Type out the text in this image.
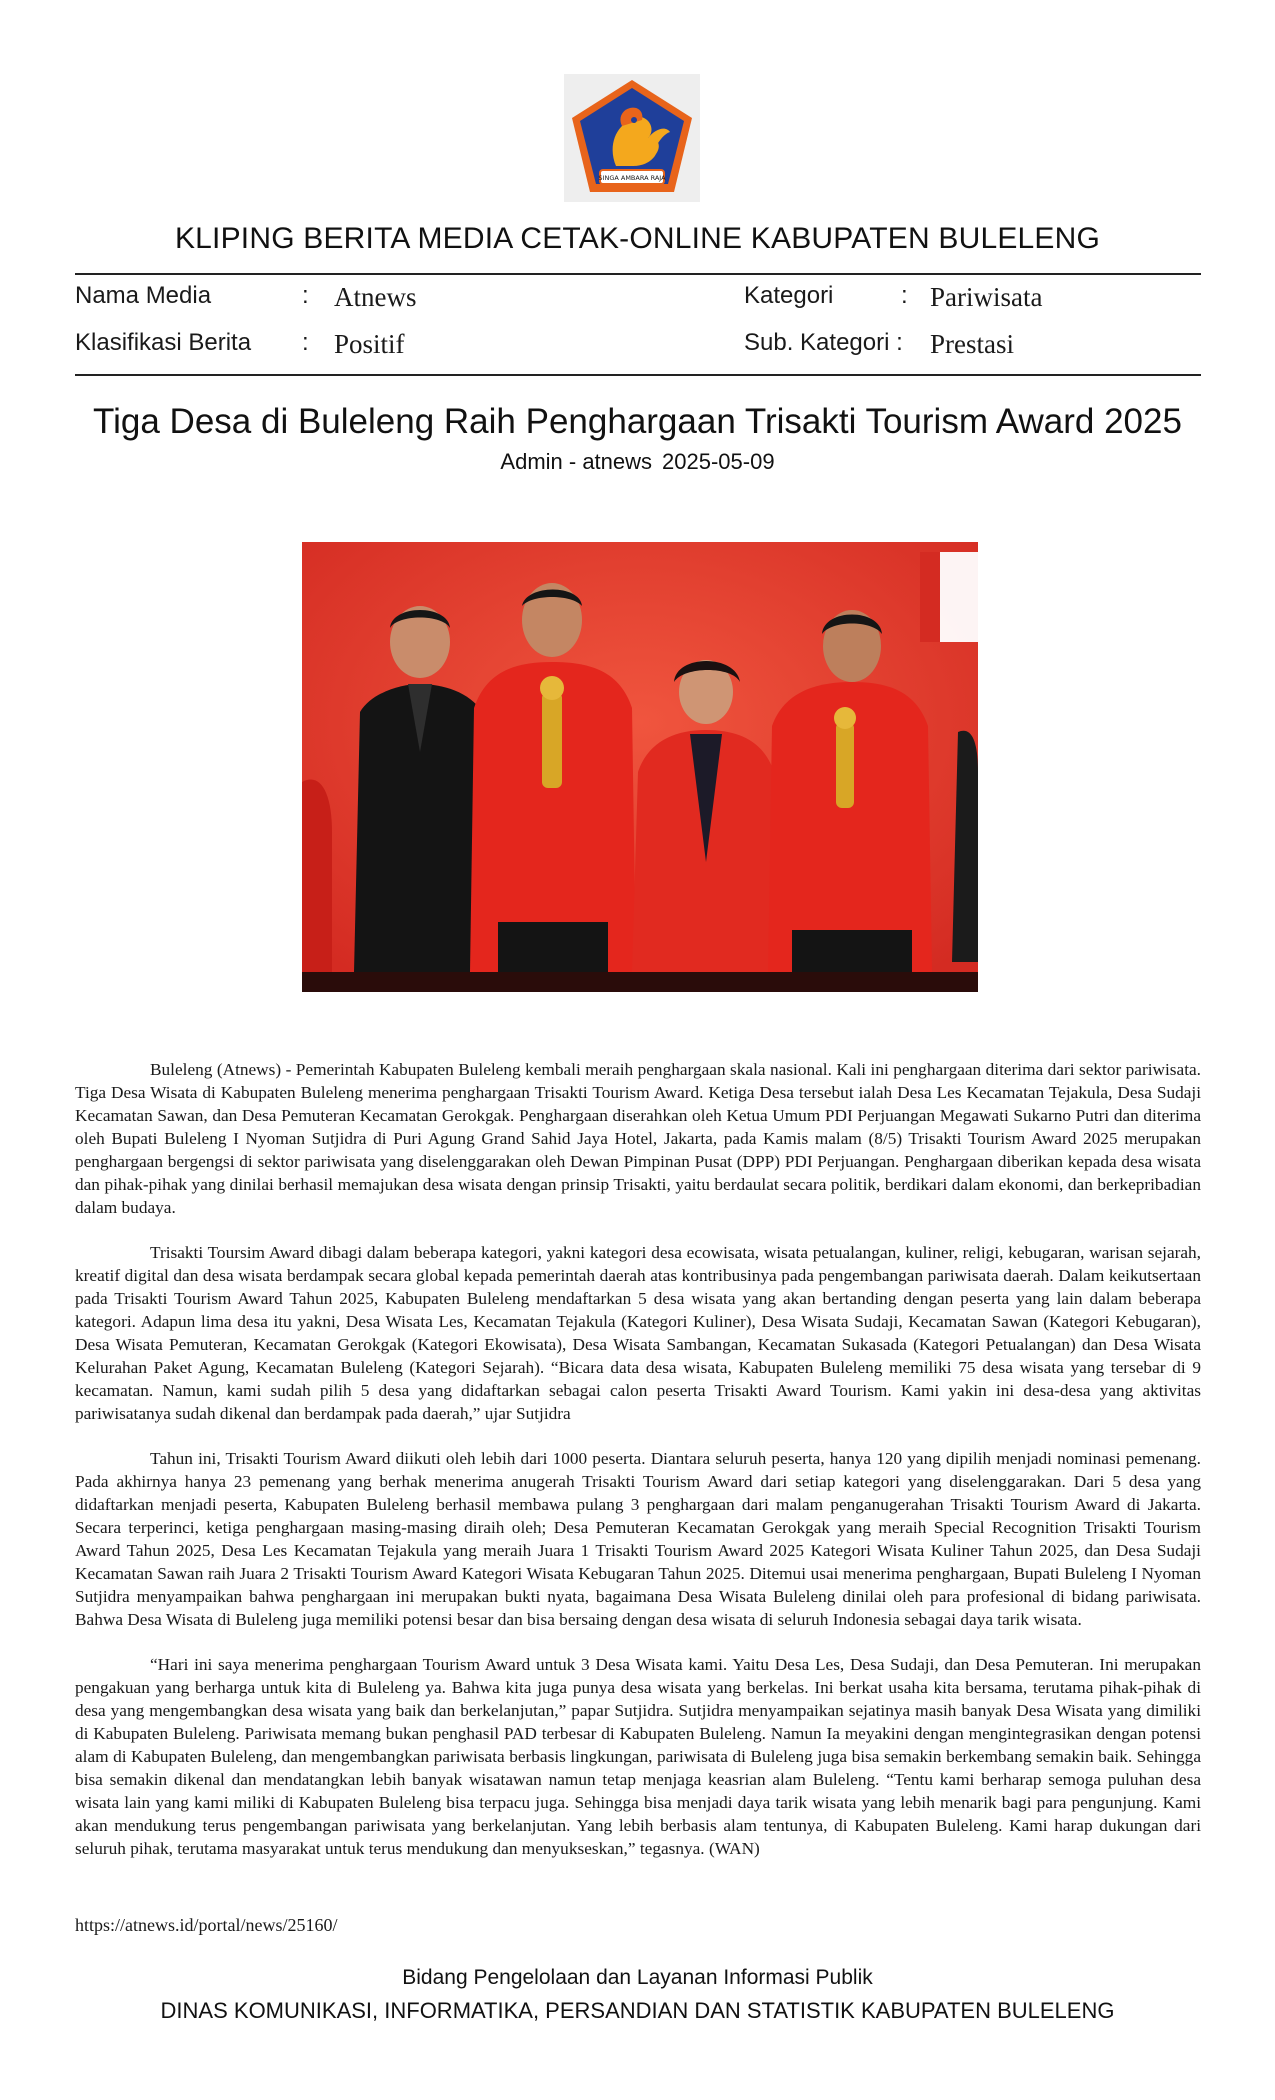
SINGA AMBARA RAJA
KLIPING BERITA MEDIA CETAK-ONLINE KABUPATEN BULELENG
Nama Media	: Atnews	Kategori	: Pariwisata
Klasifikasi Berita : Positif	Sub. Kategori : Prestasi
Tiga Desa di Buleleng Raih Penghargaan Trisakti Tourism Award 2025
Admin - atnews 2025-05-09

Buleleng (Atnews) - Pemerintah Kabupaten Buleleng kembali meraih penghargaan skala nasional. Kali ini penghargaan diterima dari sektor pariwisata. Tiga Desa Wisata di Kabupaten Buleleng menerima penghargaan Trisakti Tourism Award. Ketiga Desa tersebut ialah Desa Les Kecamatan Tejakula, Desa Sudaji Kecamatan Sawan, dan Desa Pemuteran Kecamatan Gerokgak. Penghargaan diserahkan oleh Ketua Umum PDI Perjuangan Megawati Sukarno Putri dan diterima oleh Bupati Buleleng I Nyoman Sutjidra di Puri Agung Grand Sahid Jaya Hotel, Jakarta, pada Kamis malam (8/5) Trisakti Tourism Award 2025 merupakan penghargaan bergengsi di sektor pariwisata yang diselenggarakan oleh Dewan Pimpinan Pusat (DPP) PDI Perjuangan. Penghargaan diberikan kepada desa wisata dan pihak-pihak yang dinilai berhasil memajukan desa wisata dengan prinsip Trisakti, yaitu berdaulat secara politik, berdikari dalam ekonomi, dan berkepribadian dalam budaya.

Trisakti Toursim Award dibagi dalam beberapa kategori, yakni kategori desa ecowisata, wisata petualangan, kuliner, religi, kebugaran, warisan sejarah, kreatif digital dan desa wisata berdampak secara global kepada pemerintah daerah atas kontribusinya pada pengembangan pariwisata daerah. Dalam keikutsertaan pada Trisakti Tourism Award Tahun 2025, Kabupaten Buleleng mendaftarkan 5 desa wisata yang akan bertanding dengan peserta yang lain dalam beberapa kategori. Adapun lima desa itu yakni, Desa Wisata Les, Kecamatan Tejakula (Kategori Kuliner), Desa Wisata Sudaji, Kecamatan Sawan (Kategori Kebugaran), Desa Wisata Pemuteran, Kecamatan Gerokgak (Kategori Ekowisata), Desa Wisata Sambangan, Kecamatan Sukasada (Kategori Petualangan) dan Desa Wisata Kelurahan Paket Agung, Kecamatan Buleleng (Kategori Sejarah). “Bicara data desa wisata, Kabupaten Buleleng memiliki 75 desa wisata yang tersebar di 9 kecamatan. Namun, kami sudah pilih 5 desa yang didaftarkan sebagai calon peserta Trisakti Award Tourism. Kami yakin ini desa-desa yang aktivitas pariwisatanya sudah dikenal dan berdampak pada daerah,” ujar Sutjidra

Tahun ini, Trisakti Tourism Award diikuti oleh lebih dari 1000 peserta. Diantara seluruh peserta, hanya 120 yang dipilih menjadi nominasi pemenang. Pada akhirnya hanya 23 pemenang yang berhak menerima anugerah Trisakti Tourism Award dari setiap kategori yang diselenggarakan. Dari 5 desa yang didaftarkan menjadi peserta, Kabupaten Buleleng berhasil membawa pulang 3 penghargaan dari malam penganugerahan Trisakti Tourism Award di Jakarta. Secara terperinci, ketiga penghargaan masing-masing diraih oleh; Desa Pemuteran Kecamatan Gerokgak yang meraih Special Recognition Trisakti Tourism Award Tahun 2025, Desa Les Kecamatan Tejakula yang meraih Juara 1 Trisakti Tourism Award 2025 Kategori Wisata Kuliner Tahun 2025, dan Desa Sudaji Kecamatan Sawan raih Juara 2 Trisakti Tourism Award Kategori Wisata Kebugaran Tahun 2025. Ditemui usai menerima penghargaan, Bupati Buleleng I Nyoman Sutjidra menyampaikan bahwa penghargaan ini merupakan bukti nyata, bagaimana Desa Wisata Buleleng dinilai oleh para profesional di bidang pariwisata. Bahwa Desa Wisata di Buleleng juga memiliki potensi besar dan bisa bersaing dengan desa wisata di seluruh Indonesia sebagai daya tarik wisata.

“Hari ini saya menerima penghargaan Tourism Award untuk 3 Desa Wisata kami. Yaitu Desa Les, Desa Sudaji, dan Desa Pemuteran. Ini merupakan pengakuan yang berharga untuk kita di Buleleng ya. Bahwa kita juga punya desa wisata yang berkelas. Ini berkat usaha kita bersama, terutama pihak-pihak di desa yang mengembangkan desa wisata yang baik dan berkelanjutan,” papar Sutjidra. Sutjidra menyampaikan sejatinya masih banyak Desa Wisata yang dimiliki di Kabupaten Buleleng. Pariwisata memang bukan penghasil PAD terbesar di Kabupaten Buleleng. Namun Ia meyakini dengan mengintegrasikan dengan potensi alam di Kabupaten Buleleng, dan mengembangkan pariwisata berbasis lingkungan, pariwisata di Buleleng juga bisa semakin berkembang semakin baik. Sehingga bisa semakin dikenal dan mendatangkan lebih banyak wisatawan namun tetap menjaga keasrian alam Buleleng. “Tentu kami berharap semoga puluhan desa wisata lain yang kami miliki di Kabupaten Buleleng bisa terpacu juga. Sehingga bisa menjadi daya tarik wisata yang lebih menarik bagi para pengunjung. Kami akan mendukung terus pengembangan pariwisata yang berkelanjutan. Yang lebih berbasis alam tentunya, di Kabupaten Buleleng. Kami harap dukungan dari seluruh pihak, terutama masyarakat untuk terus mendukung dan menyukseskan,” tegasnya. (WAN)

https://atnews.id/portal/news/25160/
Bidang Pengelolaan dan Layanan Informasi Publik
DINAS KOMUNIKASI, INFORMATIKA, PERSANDIAN DAN STATISTIK KABUPATEN BULELENG
